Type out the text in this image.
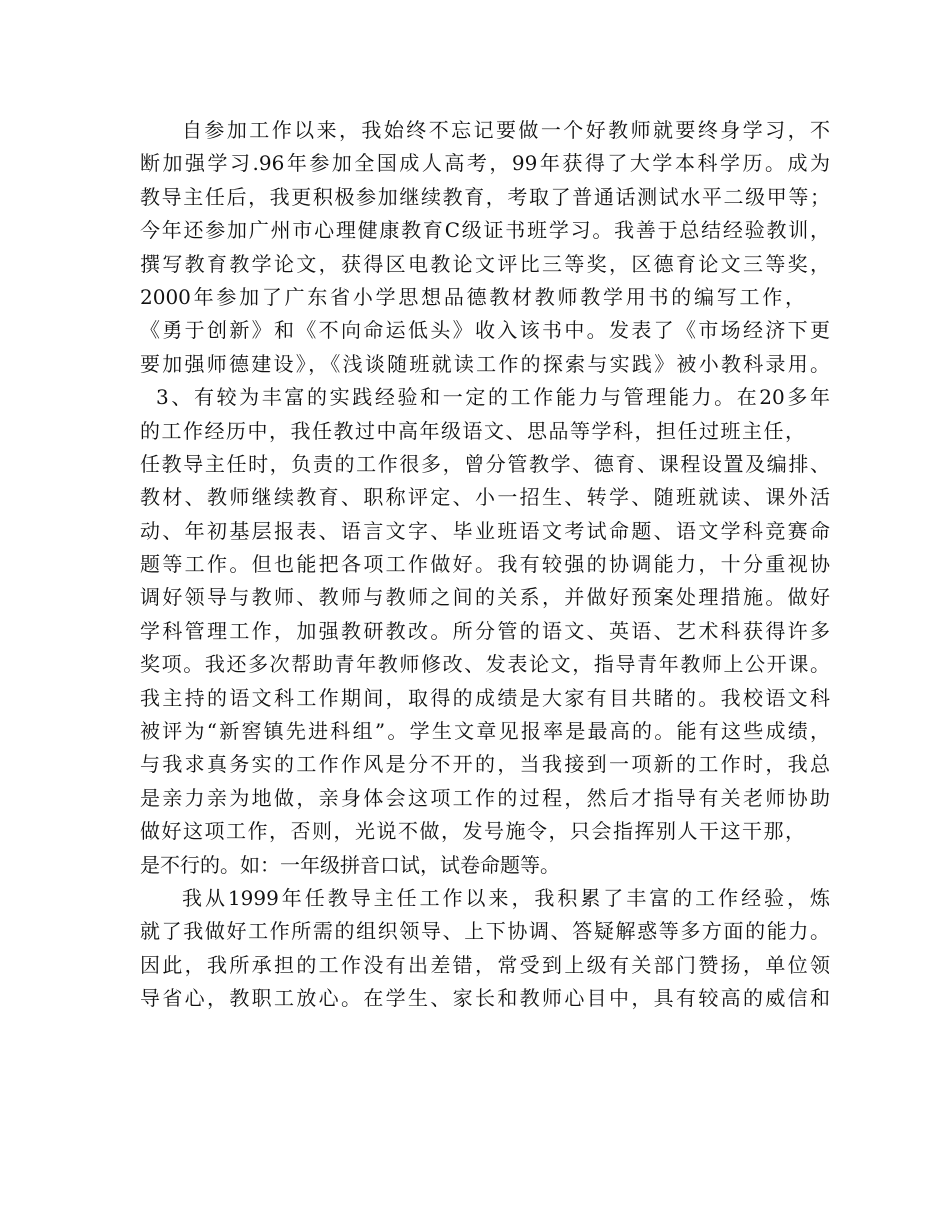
自参加工作以来，我始终不忘记要做一个好教师就要终身学习，不
断加强学习.96年参加全国成人高考，99年获得了大学本科学历。成为
教导主任后，我更积极参加继续教育，考取了普通话测试水平二级甲等；
今年还参加广州市心理健康教育C级证书班学习。我善于总结经验教训，
撰写教育教学论文，获得区电教论文评比三等奖，区德育论文三等奖，
2000年参加了广东省小学思想品德教材教师教学用书的编写工作，
《勇于创新》和《不向命运低头》收入该书中。发表了《市场经济下更
要加强师德建设》，《浅谈随班就读工作的探索与实践》被小教科录用。
3、有较为丰富的实践经验和一定的工作能力与管理能力。在20多年
的工作经历中，我任教过中高年级语文、思品等学科，担任过班主任，
任教导主任时，负责的工作很多，曾分管教学、德育、课程设置及编排、
教材、教师继续教育、职称评定、小一招生、转学、随班就读、课外活
动、年初基层报表、语言文字、毕业班语文考试命题、语文学科竞赛命
题等工作。但也能把各项工作做好。我有较强的协调能力，十分重视协
调好领导与教师、教师与教师之间的关系，并做好预案处理措施。做好
学科管理工作，加强教研教改。所分管的语文、英语、艺术科获得许多
奖项。我还多次帮助青年教师修改、发表论文，指导青年教师上公开课。
我主持的语文科工作期间，取得的成绩是大家有目共睹的。我校语文科
被评为“新窖镇先进科组”。学生文章见报率是最高的。能有这些成绩，
与我求真务实的工作作风是分不开的，当我接到一项新的工作时，我总
是亲力亲为地做，亲身体会这项工作的过程，然后才指导有关老师协助
做好这项工作，否则，光说不做，发号施令，只会指挥别人干这干那，
是不行的。如：一年级拼音口试，试卷命题等。
我从1999年任教导主任工作以来，我积累了丰富的工作经验，炼
就了我做好工作所需的组织领导、上下协调、答疑解惑等多方面的能力。
因此，我所承担的工作没有出差错，常受到上级有关部门赞扬，单位领
导省心，教职工放心。在学生、家长和教师心目中，具有较高的威信和
